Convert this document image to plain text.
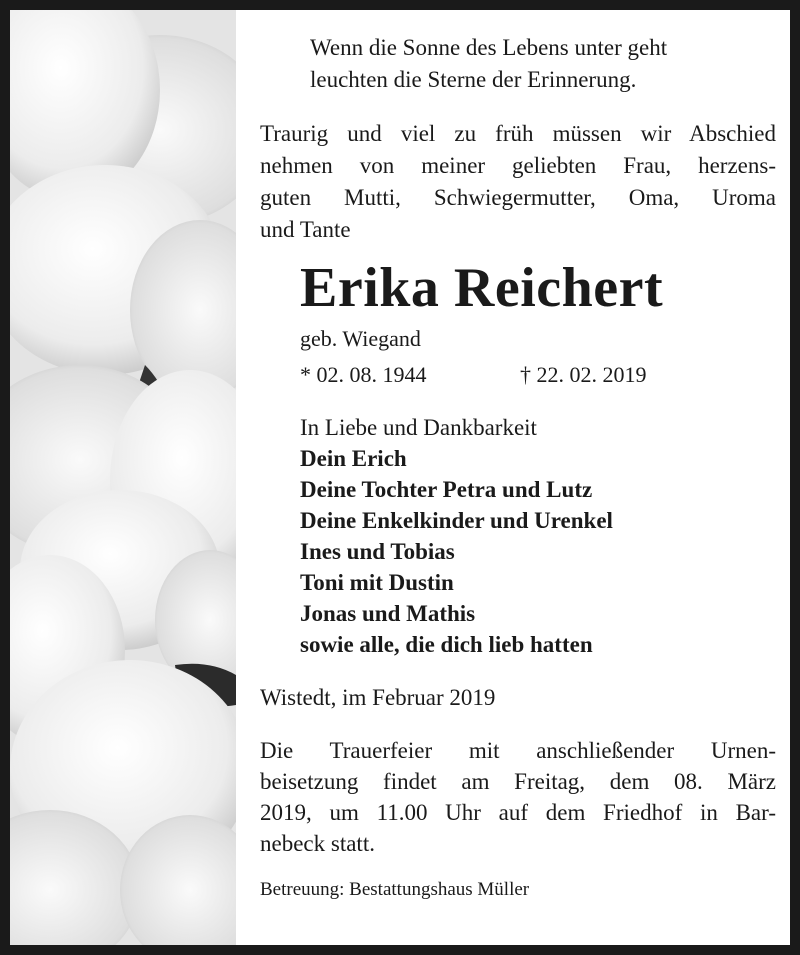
Wenn die Sonne des Lebens unter geht
leuchten die Sterne der Erinnerung.
Traurig und viel zu früh müssen wir Abschied
nehmen von meiner geliebten Frau, herzens-
guten Mutti, Schwiegermutter, Oma, Uroma
und Tante
Erika Reichert
geb. Wiegand
* 02. 08. 1944	† 22. 02. 2019
In Liebe und Dankbarkeit
Dein Erich
Deine Tochter Petra und Lutz
Deine Enkelkinder und Urenkel
Ines und Tobias
Toni mit Dustin
Jonas und Mathis
sowie alle, die dich lieb hatten
Wistedt, im Februar 2019
Die Trauerfeier mit anschließender Urnen-
beisetzung findet am Freitag, dem 08. März
2019, um 11.00 Uhr auf dem Friedhof in Bar-
nebeck statt.
Betreuung: Bestattungshaus Müller
